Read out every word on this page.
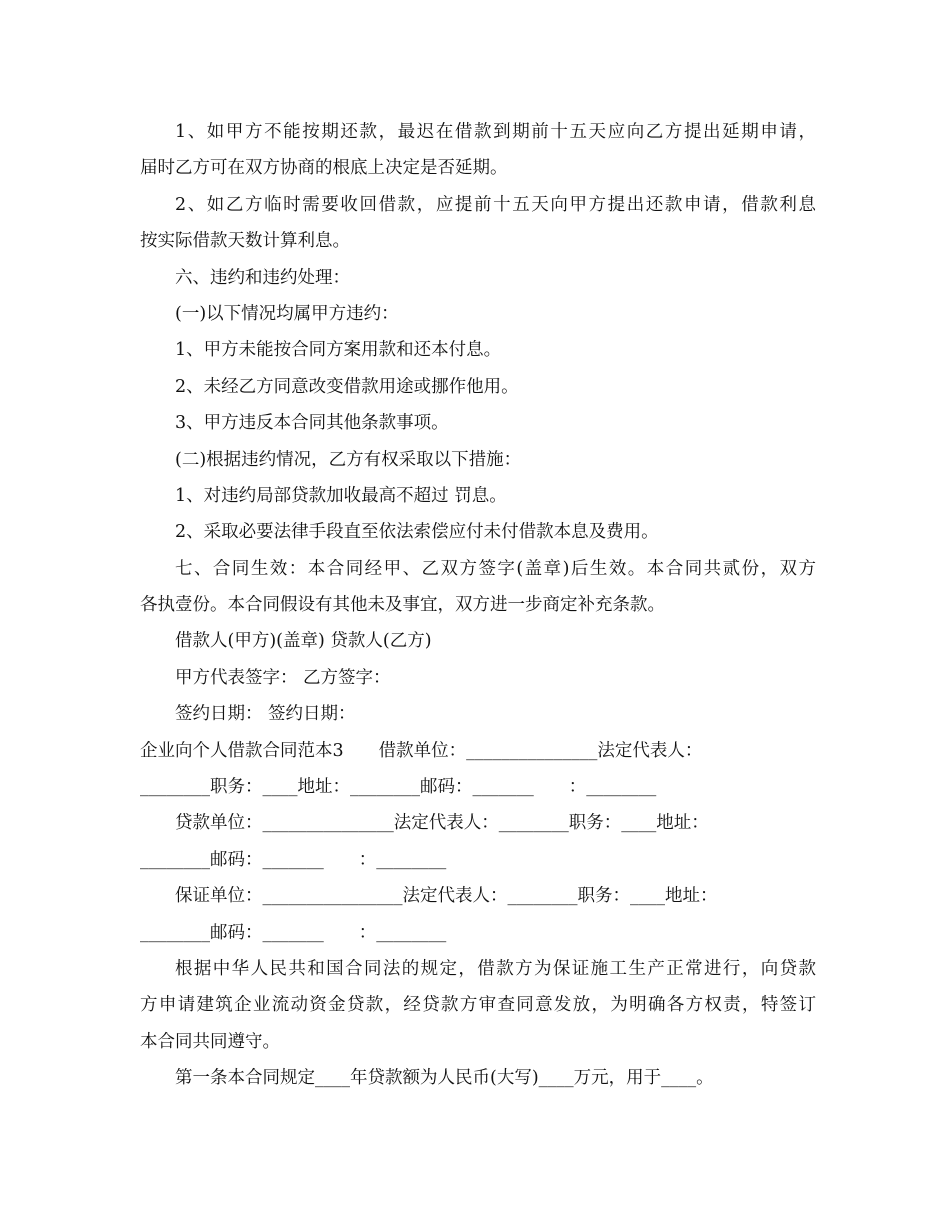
1、如甲方不能按期还款，最迟在借款到期前十五天应向乙方提出延期申请，
届时乙方可在双方协商的根底上决定是否延期。
2、如乙方临时需要收回借款，应提前十五天向甲方提出还款申请，借款利息
按实际借款天数计算利息。
六、违约和违约处理：
(一)以下情况均属甲方违约：
1、甲方未能按合同方案用款和还本付息。
2、未经乙方同意改变借款用途或挪作他用。
3、甲方违反本合同其他条款事项。
(二)根据违约情况，乙方有权采取以下措施：
1、对违约局部贷款加收最高不超过 罚息。
2、采取必要法律手段直至依法索偿应付未付借款本息及费用。
七、合同生效：本合同经甲、乙双方签字(盖章)后生效。本合同共贰份，双方
各执壹份。本合同假设有其他未及事宜，双方进一步商定补充条款。
借款人(甲方)(盖章) 贷款人(乙方)
甲方代表签字： 乙方签字：
签约日期： 签约日期：
企业向个人借款合同范本3　　借款单位：_______________法定代表人：
________职务：____地址：________邮码：_______　　：________
贷款单位：_______________法定代表人：________职务：____地址：
________邮码：_______　　：________
保证单位：________________法定代表人：________职务：____地址：
________邮码：_______　　：________
根据中华人民共和国合同法的规定，借款方为保证施工生产正常进行，向贷款
方申请建筑企业流动资金贷款，经贷款方审查同意发放，为明确各方权责，特签订
本合同共同遵守。
第一条本合同规定____年贷款额为人民币(大写)____万元，用于____。
